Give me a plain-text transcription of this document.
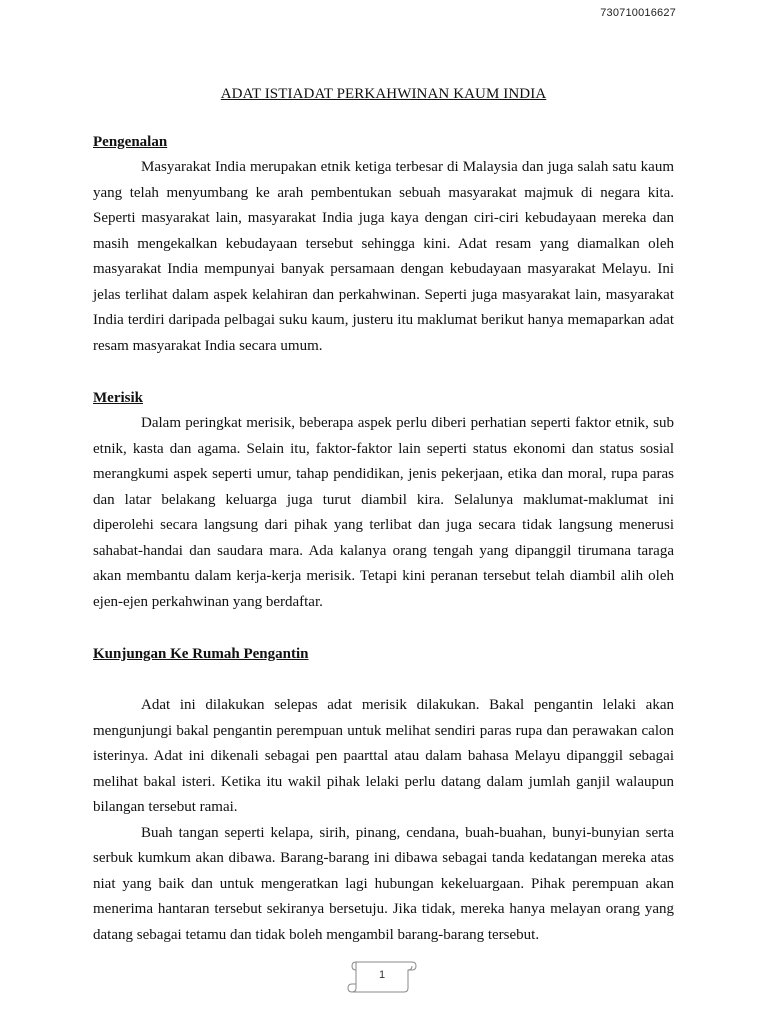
730710016627
ADAT ISTIADAT PERKAHWINAN KAUM INDIA

Pengenalan

Masyarakat India merupakan etnik ketiga terbesar di Malaysia dan juga salah satu kaum yang telah menyumbang ke arah pembentukan sebuah masyarakat majmuk di negara kita. Seperti masyarakat lain, masyarakat India juga kaya dengan ciri-ciri kebudayaan mereka dan masih mengekalkan kebudayaan tersebut sehingga kini. Adat resam yang diamalkan oleh masyarakat India mempunyai banyak persamaan dengan kebudayaan masyarakat Melayu. Ini jelas terlihat dalam aspek kelahiran dan perkahwinan. Seperti juga masyarakat lain, masyarakat India terdiri daripada pelbagai suku kaum, justeru itu maklumat berikut hanya memaparkan adat resam masyarakat India secara umum.

Merisik

Dalam peringkat merisik, beberapa aspek perlu diberi perhatian seperti faktor etnik, sub etnik, kasta dan agama. Selain itu, faktor-faktor lain seperti status ekonomi dan status sosial merangkumi aspek seperti umur, tahap pendidikan, jenis pekerjaan, etika dan moral, rupa paras dan latar belakang keluarga juga turut diambil kira. Selalunya maklumat-maklumat ini diperolehi secara langsung dari pihak yang terlibat dan juga secara tidak langsung menerusi sahabat-handai dan saudara mara. Ada kalanya orang tengah yang dipanggil tirumana taraga akan membantu dalam kerja-kerja merisik. Tetapi kini peranan tersebut telah diambil alih oleh ejen-ejen perkahwinan yang berdaftar.

Kunjungan Ke Rumah Pengantin

Adat ini dilakukan selepas adat merisik dilakukan. Bakal pengantin lelaki akan mengunjungi bakal pengantin perempuan untuk melihat sendiri paras rupa dan perawakan calon isterinya. Adat ini dikenali sebagai pen paarttal atau dalam bahasa Melayu dipanggil sebagai melihat bakal isteri. Ketika itu wakil pihak lelaki perlu datang dalam jumlah ganjil walaupun bilangan tersebut ramai.

Buah tangan seperti kelapa, sirih, pinang, cendana, buah-buahan, bunyi-bunyian serta serbuk kumkum akan dibawa. Barang-barang ini dibawa sebagai tanda kedatangan mereka atas niat yang baik dan untuk mengeratkan lagi hubungan kekeluargaan. Pihak perempuan akan menerima hantaran tersebut sekiranya bersetuju. Jika tidak, mereka hanya melayan orang yang datang sebagai tetamu dan tidak boleh mengambil barang-barang tersebut.

1
